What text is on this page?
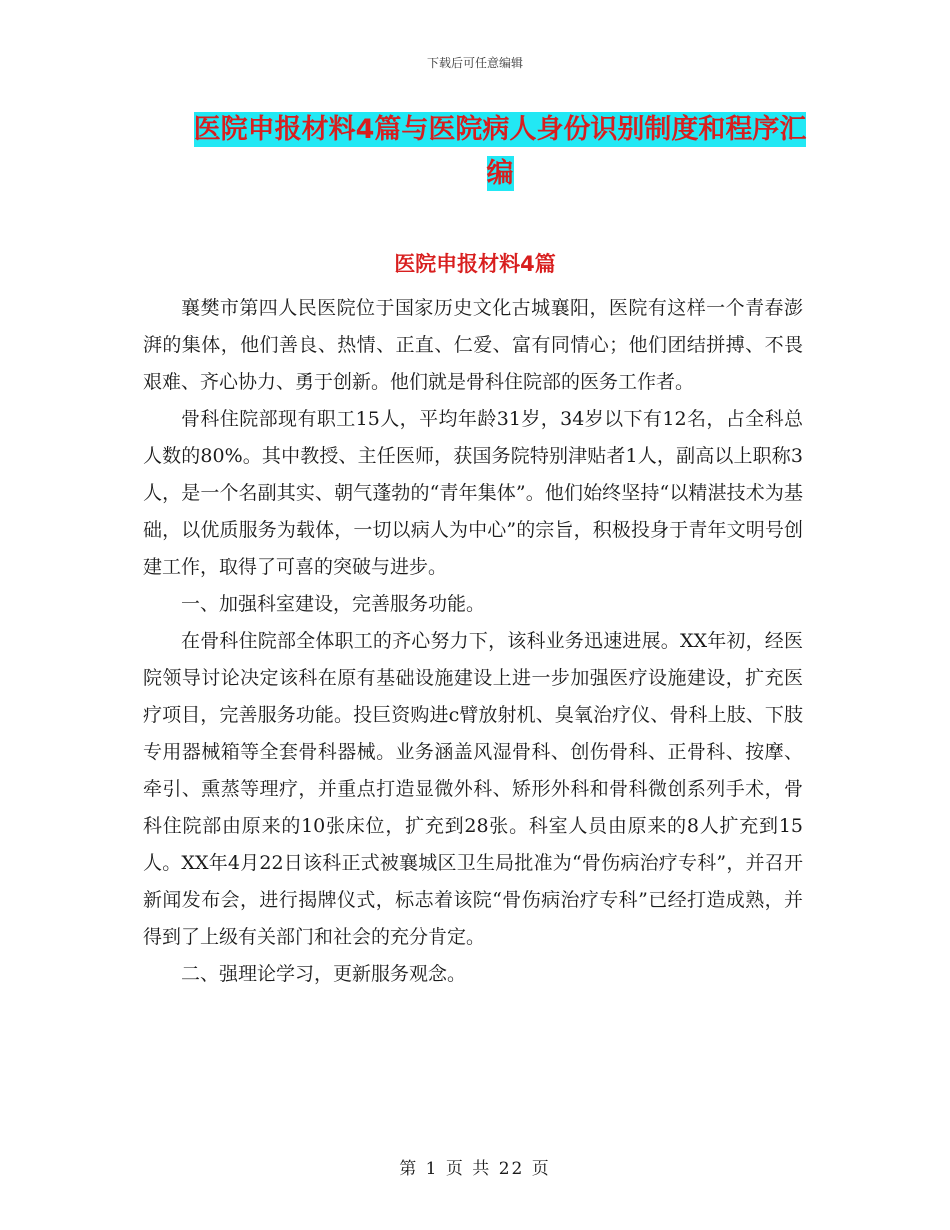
下载后可任意编辑
医院申报材料4篇与医院病人身份识别制度和程序汇编
医院申报材料4篇

襄樊市第四人民医院位于国家历史文化古城襄阳，医院有这样一个青春澎湃的集体，他们善良、热情、正直、仁爱、富有同情心；他们团结拼搏、不畏艰难、齐心协力、勇于创新。他们就是骨科住院部的医务工作者。

骨科住院部现有职工15人，平均年龄31岁，34岁以下有12名，占全科总人数的80%。其中教授、主任医师，获国务院特别津贴者1人，副高以上职称3人，是一个名副其实、朝气蓬勃的“青年集体”。他们始终坚持“以精湛技术为基础，以优质服务为载体，一切以病人为中心”的宗旨，积极投身于青年文明号创建工作，取得了可喜的突破与进步。

一、加强科室建设，完善服务功能。

在骨科住院部全体职工的齐心努力下，该科业务迅速进展。XX年初，经医院领导讨论决定该科在原有基础设施建设上进一步加强医疗设施建设，扩充医疗项目，完善服务功能。投巨资购进c臂放射机、臭氧治疗仪、骨科上肢、下肢专用器械箱等全套骨科器械。业务涵盖风湿骨科、创伤骨科、正骨科、按摩、牵引、熏蒸等理疗，并重点打造显微外科、矫形外科和骨科微创系列手术，骨科住院部由原来的10张床位，扩充到28张。科室人员由原来的8人扩充到15人。XX年4月22日该科正式被襄城区卫生局批准为“骨伤病治疗专科”，并召开新闻发布会，进行揭牌仪式，标志着该院“骨伤病治疗专科”已经打造成熟，并得到了上级有关部门和社会的充分肯定。

二、强理论学习，更新服务观念。

第 1 页 共 22 页
